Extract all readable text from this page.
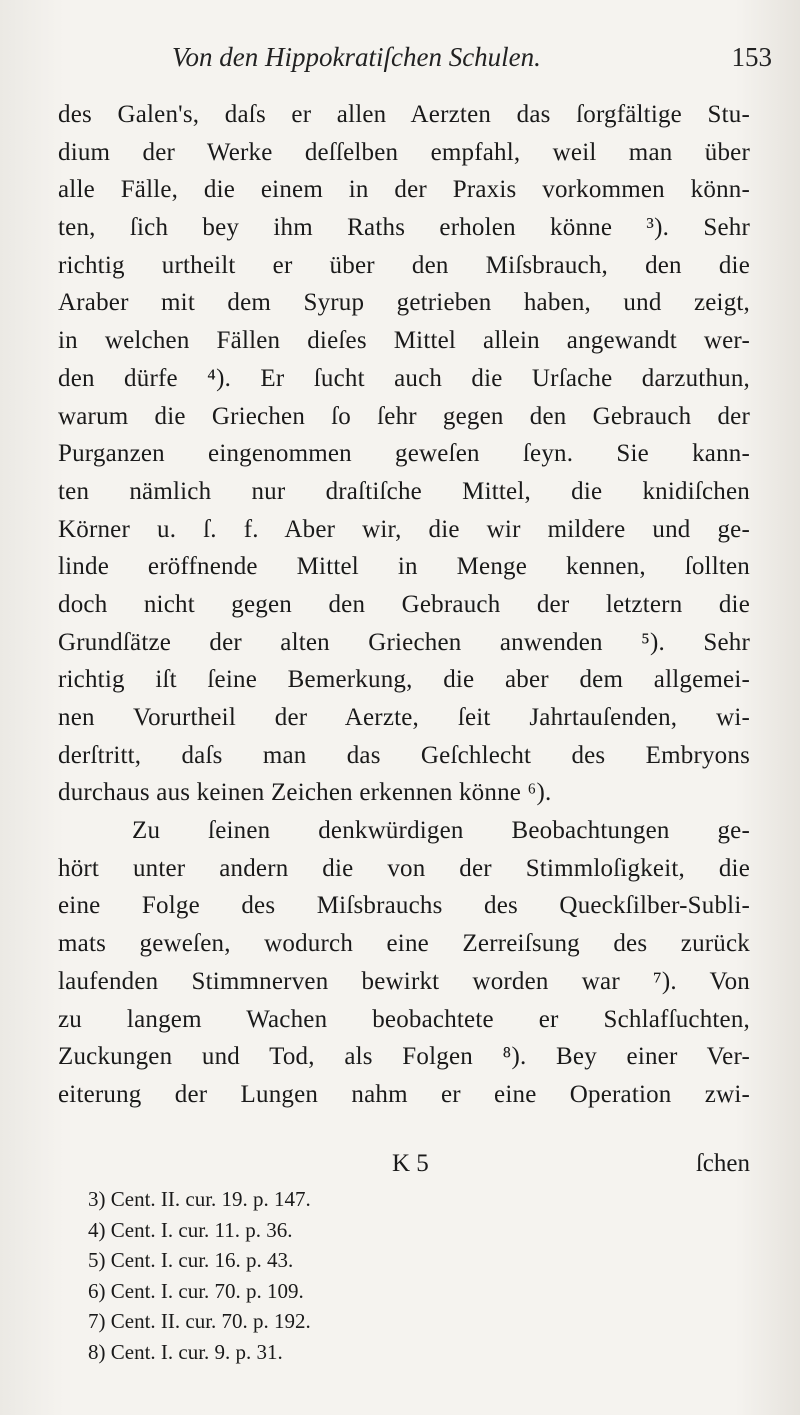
Von den Hippokratiſchen Schulen.	153
des Galen's, daſs er allen Aerzten das ſorgfältige Stu-
dium der Werke deſſelben empfahl, weil man über
alle Fälle, die einem in der Praxis vorkommen könn-
ten, ſich bey ihm Raths erholen könne ³). Sehr
richtig urtheilt er über den Miſsbrauch, den die
Araber mit dem Syrup getrieben haben, und zeigt,
in welchen Fällen dieſes Mittel allein angewandt wer-
den dürfe ⁴). Er ſucht auch die Urſache darzuthun,
warum die Griechen ſo ſehr gegen den Gebrauch der
Purganzen eingenommen geweſen ſeyn. Sie kann-
ten nämlich nur draſtiſche Mittel, die knidiſchen
Körner u. ſ. f. Aber wir, die wir mildere und ge-
linde eröffnende Mittel in Menge kennen, ſollten
doch nicht gegen den Gebrauch der letztern die
Grundſätze der alten Griechen anwenden ⁵). Sehr
richtig iſt ſeine Bemerkung, die aber dem allgemei-
nen Vorurtheil der Aerzte, ſeit Jahrtauſenden, wi-
derſtritt, daſs man das Geſchlecht des Embryons
durchaus aus keinen Zeichen erkennen könne ⁶).
Zu ſeinen denkwürdigen Beobachtungen ge-
hört unter andern die von der Stimmloſigkeit, die
eine Folge des Miſsbrauchs des Queckſilber-Subli-
mats geweſen, wodurch eine Zerreiſsung des zurück
laufenden Stimmnerven bewirkt worden war ⁷). Von
zu langem Wachen beobachtete er Schlafſuchten,
Zuckungen und Tod, als Folgen ⁸). Bey einer Ver-
eiterung der Lungen nahm er eine Operation zwi-
K 5	ſchen
3) Cent. II. cur. 19. p. 147.
4) Cent. I. cur. 11. p. 36.
5) Cent. I. cur. 16. p. 43.
6) Cent. I. cur. 70. p. 109.
7) Cent. II. cur. 70. p. 192.
8) Cent. I. cur. 9. p. 31.
